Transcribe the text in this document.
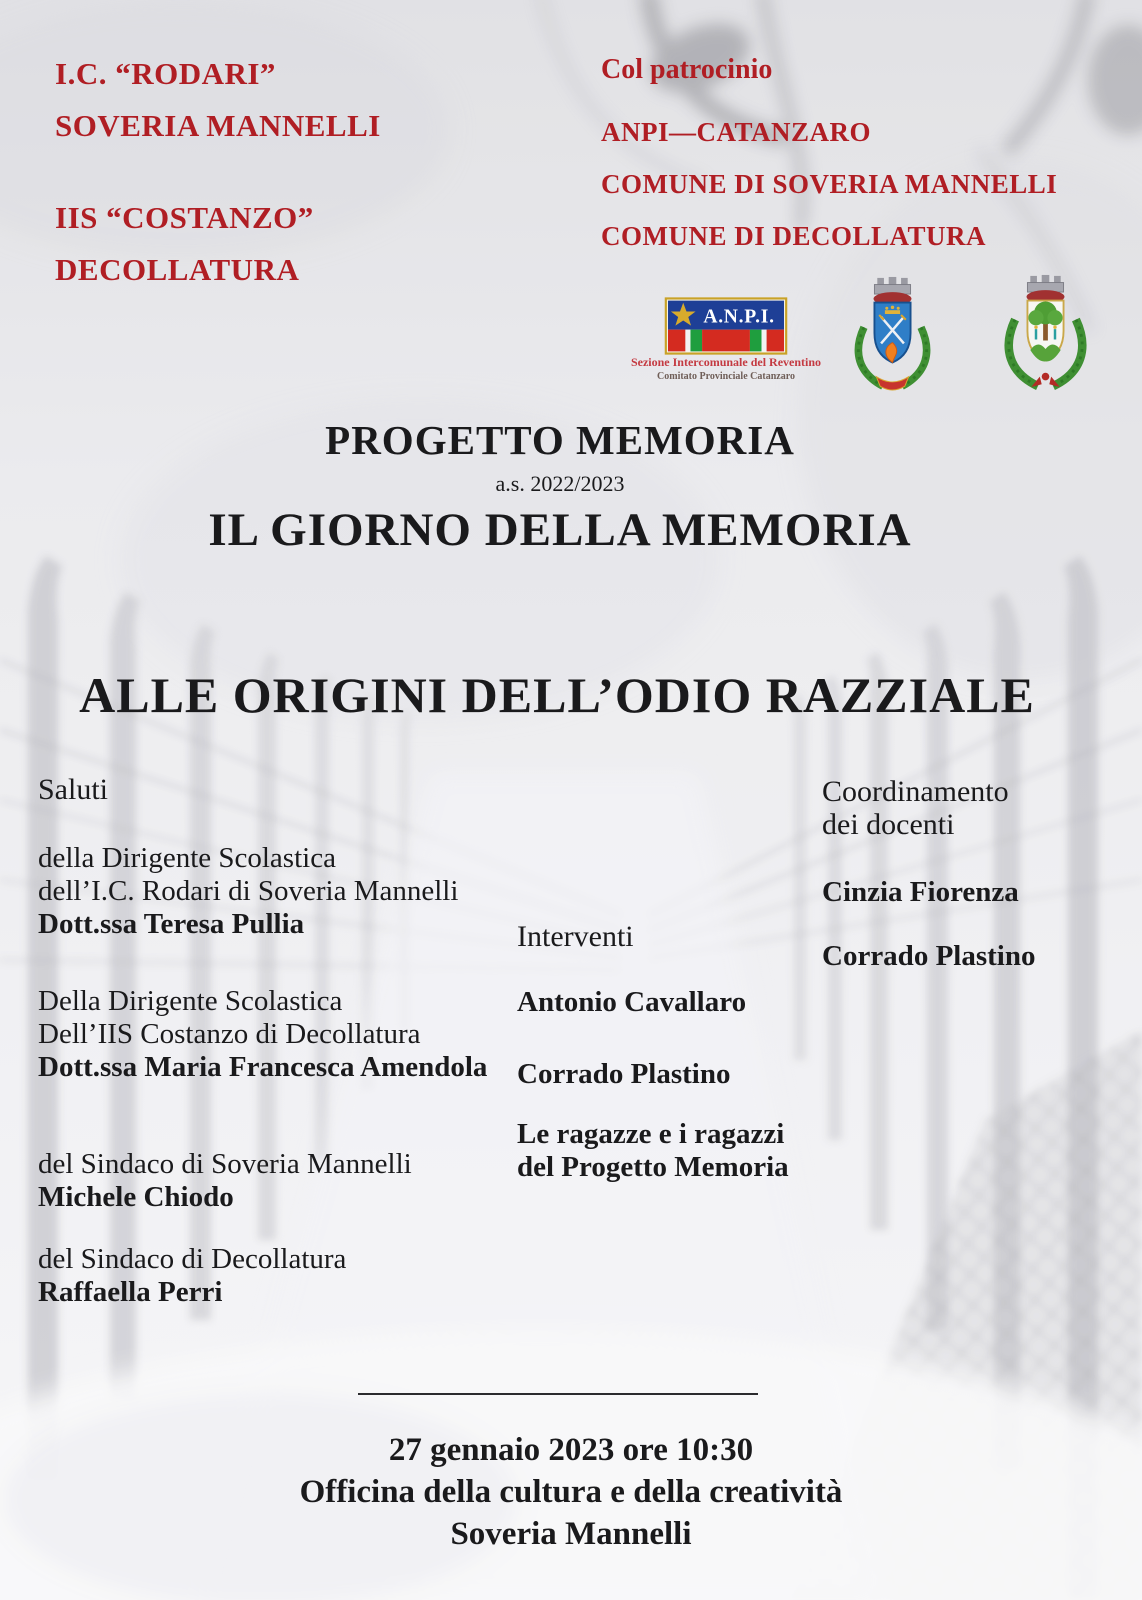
I.C. “RODARI”
SOVERIA MANNELLI
IIS “COSTANZO”
DECOLLATURA
Col patrocinio
ANPI—CATANZARO
COMUNE DI SOVERIA MANNELLI
COMUNE DI DECOLLATURA
A.N.P.I.
Sezione Intercomunale del Reventino
Comitato Provinciale Catanzaro
PROGETTO MEMORIA
a.s. 2022/2023
IL GIORNO DELLA MEMORIA
ALLE ORIGINI DELL’ODIO RAZZIALE
Saluti
della Dirigente Scolastica
dell’I.C. Rodari di Soveria Mannelli
Dott.ssa Teresa Pullia
Della Dirigente Scolastica
Dell’IIS Costanzo di Decollatura
Dott.ssa Maria Francesca Amendola
del Sindaco di Soveria Mannelli
Michele Chiodo
del Sindaco di Decollatura
Raffaella Perri
Interventi
Antonio Cavallaro
Corrado Plastino
Le ragazze e i ragazzi
del Progetto Memoria
Coordinamento
dei docenti
Cinzia Fiorenza
Corrado Plastino
27 gennaio 2023 ore 10:30
Officina della cultura e della creatività
Soveria Mannelli
